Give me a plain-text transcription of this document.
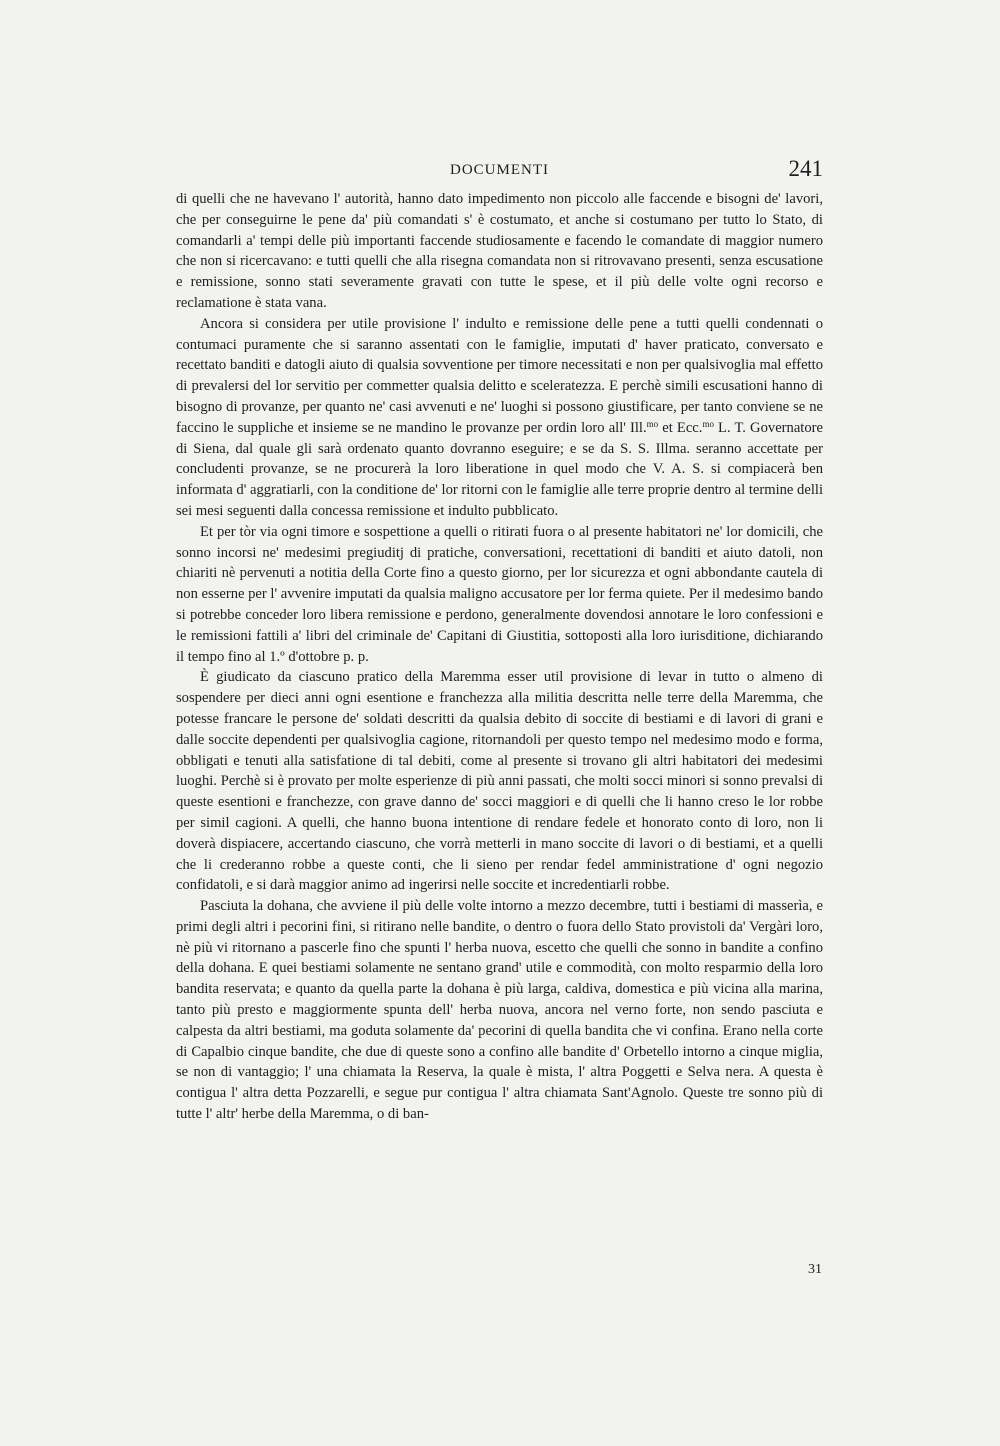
DOCUMENTI	241

di quelli che ne havevano l' autorità, hanno dato impedimento non piccolo alle faccende e bisogni de' lavori, che per conseguirne le pene da' più comandati s' è costumato, et anche si costumano per tutto lo Stato, di comandarli a' tempi delle più importanti faccende studiosamente e facendo le comandate di maggior numero che non si ricercavano: e tutti quelli che alla risegna comandata non si ritrovavano presenti, senza escusatione e remissione, sonno stati severamente gravati con tutte le spese, et il più delle volte ogni recorso e reclamatione è stata vana.

Ancora si considera per utile provisione l' indulto e remissione delle pene a tutti quelli condennati o contumaci puramente che si saranno assentati con le famiglie, imputati d' haver praticato, conversato e recettato banditi e datogli aiuto di qualsia sovventione per timore necessitati e non per qualsivoglia mal effetto di prevalersi del lor servitio per commetter qualsia delitto e sceleratezza. E perchè simili escusationi hanno di bisogno di provanze, per quanto ne' casi avvenuti e ne' luoghi si possono giustificare, per tanto conviene se ne faccino le suppliche et insieme se ne mandino le provanze per ordin loro all' Ill.$^{mo}$ et Ecc.$^{mo}$ L. T. Governatore di Siena, dal quale gli sarà ordenato quanto dovranno eseguire; e se da S. S. Illma. seranno accettate per concludenti provanze, se ne procurerà la loro liberatione in quel modo che V. A. S. si compiacerà ben informata d' aggratiarli, con la conditione de' lor ritorni con le famiglie alle terre proprie dentro al termine delli sei mesi seguenti dalla concessa remissione et indulto pubblicato.

Et per tòr via ogni timore e sospettione a quelli o ritirati fuora o al presente habitatori ne' lor domicili, che sonno incorsi ne' medesimi pregiuditj di pratiche, conversationi, recettationi di banditi et aiuto datoli, non chiariti nè pervenuti a notitia della Corte fino a questo giorno, per lor sicurezza et ogni abbondante cautela di non esserne per l' avvenire imputati da qualsia maligno accusatore per lor ferma quiete. Per il medesimo bando si potrebbe conceder loro libera remissione e perdono, generalmente dovendosi annotare le loro confessioni e le remissioni fattili a' libri del criminale de' Capitani di Giustitia, sottoposti alla loro iurisditione, dichiarando il tempo fino al 1.º d'ottobre p. p.

È giudicato da ciascuno pratico della Maremma esser util provisione di levar in tutto o almeno di sospendere per dieci anni ogni esentione e franchezza alla militia descritta nelle terre della Maremma, che potesse francare le persone de' soldati descritti da qualsia debito di soccite di bestiami e di lavori di grani e dalle soccite dependenti per qualsivoglia cagione, ritornandoli per questo tempo nel medesimo modo e forma, obbligati e tenuti alla satisfatione di tal debiti, come al presente si trovano gli altri habitatori dei medesimi luoghi. Perchè si è provato per molte esperienze di più anni passati, che molti socci minori si sonno prevalsi di queste esentioni e franchezze, con grave danno de' socci maggiori e di quelli che li hanno creso le lor robbe per simil cagioni. A quelli, che hanno buona intentione di rendare fedele et honorato conto di loro, non li doverà dispiacere, accertando ciascuno, che vorrà metterli in mano soccite di lavori o di bestiami, et a quelli che li crederanno robbe a queste conti, che li sieno per rendar fedel amministratione d' ogni negozio confidatoli, e si darà maggior animo ad ingerirsi nelle soccite et incredentiarli robbe.

Pasciuta la dohana, che avviene il più delle volte intorno a mezzo decembre, tutti i bestiami di masserìa, e primi degli altri i pecorini fini, si ritirano nelle bandite, o dentro o fuora dello Stato provistoli da' Vergàri loro, nè più vi ritornano a pascerle fino che spunti l' herba nuova, escetto che quelli che sonno in bandite a confino della dohana. E quei bestiami solamente ne sentano grand' utile e commodità, con molto resparmio della loro bandita reservata; e quanto da quella parte la dohana è più larga, caldiva, domestica e più vicina alla marina, tanto più presto e maggiormente spunta dell' herba nuova, ancora nel verno forte, non sendo pasciuta e calpesta da altri bestiami, ma goduta solamente da' pecorini di quella bandita che vi confina. Erano nella corte di Capalbio cinque bandite, che due di queste sono a confino alle bandite d' Orbetello intorno a cinque miglia, se non di vantaggio; l' una chiamata la Reserva, la quale è mista, l' altra Poggetti e Selva nera. A questa è contigua l' altra detta Pozzarelli, e segue pur contigua l' altra chiamata Sant'Agnolo. Queste tre sonno più di tutte l' altr' herbe della Maremma, o di ban-

31
